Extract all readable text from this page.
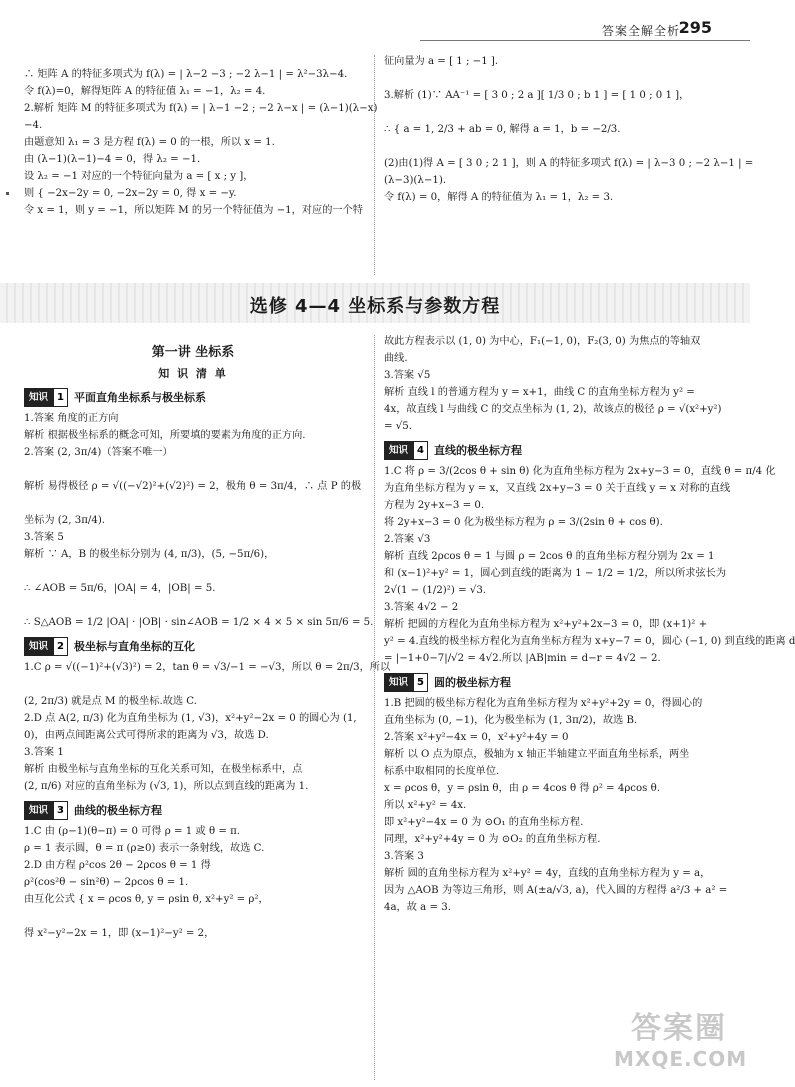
答案全解全析
295

∴ 矩阵 A 的特征多项式为 f(λ) = | λ−2 −3 ; −2 λ−1 | = λ²−3λ−4.

令 f(λ)=0，解得矩阵 A 的特征值 λ₁ = −1，λ₂ = 4.

2.解析 矩阵 M 的特征多项式为 f(λ) = | λ−1 −2 ; −2 λ−x | = (λ−1)(λ−x)

−4.

由题意知 λ₁ = 3 是方程 f(λ) = 0 的一根，所以 x = 1.

由 (λ−1)(λ−1)−4 = 0，得 λ₂ = −1.

设 λ₂ = −1 对应的一个特征向量为 a = [ x ; y ]，

则 { −2x−2y = 0, −2x−2y = 0, 得 x = −y.

令 x = 1，则 y = −1，所以矩阵 M 的另一个特征值为 −1，对应的一个特

征向量为 a = [ 1 ; −1 ].

3.解析 (1)∵ AA⁻¹ = [ 3 0 ; 2 a ][ 1/3 0 ; b 1 ] = [ 1 0 ; 0 1 ]，

∴ { a = 1, 2/3 + ab = 0, 解得 a = 1，b = −2/3.

(2)由(1)得 A = [ 3 0 ; 2 1 ]，则 A 的特征多项式 f(λ) = | λ−3 0 ; −2 λ−1 | =

(λ−3)(λ−1).

令 f(λ) = 0，解得 A 的特征值为 λ₁ = 1，λ₂ = 3.

选修 4—4 坐标系与参数方程

第一讲 坐标系

知 识 清 单

知识 1 平面直角坐标系与极坐标系

1.答案 角度的正方向

解析 根据极坐标系的概念可知，所要填的要素为角度的正方向.

2.答案 (2, 3π/4)（答案不唯一）

解析 易得极径 ρ = √((−√2)²+(√2)²) = 2，极角 θ = 3π/4，∴ 点 P 的极

坐标为 (2, 3π/4).

3.答案 5

解析 ∵ A，B 的极坐标分别为 (4, π/3)，(5, −5π/6)，

∴ ∠AOB = 5π/6，|OA| = 4，|OB| = 5.

∴ S△AOB = 1/2 |OA| · |OB| · sin∠AOB = 1/2 × 4 × 5 × sin 5π/6 = 5.

知识 2 极坐标与直角坐标的互化

1.C ρ = √((−1)²+(√3)²) = 2，tan θ = √3/−1 = −√3，所以 θ = 2π/3，所以

(2, 2π/3) 就是点 M 的极坐标.故选 C.

2.D 点 A(2, π/3) 化为直角坐标为 (1, √3)，x²+y²−2x = 0 的圆心为 (1,

0)，由两点间距离公式可得所求的距离为 √3，故选 D.

3.答案 1

解析 由极坐标与直角坐标的互化关系可知，在极坐标系中，点

(2, π/6) 对应的直角坐标为 (√3, 1)，所以点到直线的距离为 1.

知识 3 曲线的极坐标方程

1.C 由 (ρ−1)(θ−π) = 0 可得 ρ = 1 或 θ = π.

ρ = 1 表示圆，θ = π (ρ≥0) 表示一条射线，故选 C.

2.D 由方程 ρ²cos 2θ − 2ρcos θ = 1 得

ρ²(cos²θ − sin²θ) − 2ρcos θ = 1.

由互化公式 { x = ρcos θ, y = ρsin θ, x²+y² = ρ²，

得 x²−y²−2x = 1，即 (x−1)²−y² = 2，

故此方程表示以 (1, 0) 为中心，F₁(−1, 0)，F₂(3, 0) 为焦点的等轴双

曲线.

3.答案 √5

解析 直线 l 的普通方程为 y = x+1，曲线 C 的直角坐标方程为 y² =

4x，故直线 l 与曲线 C 的交点坐标为 (1, 2)，故该点的极径 ρ = √(x²+y²)

= √5.

知识 4 直线的极坐标方程

1.C 将 ρ = 3/(2cos θ + sin θ) 化为直角坐标方程为 2x+y−3 = 0，直线 θ = π/4 化

为直角坐标方程为 y = x，又直线 2x+y−3 = 0 关于直线 y = x 对称的直线

方程为 2y+x−3 = 0.

将 2y+x−3 = 0 化为极坐标方程为 ρ = 3/(2sin θ + cos θ).

2.答案 √3

解析 直线 2ρcos θ = 1 与圆 ρ = 2cos θ 的直角坐标方程分别为 2x = 1

和 (x−1)²+y² = 1，圆心到直线的距离为 1 − 1/2 = 1/2，所以所求弦长为

2√(1 − (1/2)²) = √3.

3.答案 4√2 − 2

解析 把圆的方程化为直角坐标方程为 x²+y²+2x−3 = 0，即 (x+1)² +

y² = 4.直线的极坐标方程化为直角坐标方程为 x+y−7 = 0，圆心 (−1, 0) 到直线的距离 d

= |−1+0−7|/√2 = 4√2.所以 |AB|min = d−r = 4√2 − 2.

知识 5 圆的极坐标方程

1.B 把圆的极坐标方程化为直角坐标方程为 x²+y²+2y = 0，得圆心的

直角坐标为 (0, −1)，化为极坐标为 (1, 3π/2)，故选 B.

2.答案 x²+y²−4x = 0，x²+y²+4y = 0

解析 以 O 点为原点，极轴为 x 轴正半轴建立平面直角坐标系，两坐

标系中取相同的长度单位.

x = ρcos θ，y = ρsin θ，由 ρ = 4cos θ 得 ρ² = 4ρcos θ.

所以 x²+y² = 4x.

即 x²+y²−4x = 0 为 ⊙O₁ 的直角坐标方程.

同理，x²+y²+4y = 0 为 ⊙O₂ 的直角坐标方程.

3.答案 3

解析 圆的直角坐标方程为 x²+y² = 4y，直线的直角坐标方程为 y = a，

因为 △AOB 为等边三角形，则 A(±a/√3, a)，代入圆的方程得 a²/3 + a² =

4a，故 a = 3.

答案圈
MXQE.COM
